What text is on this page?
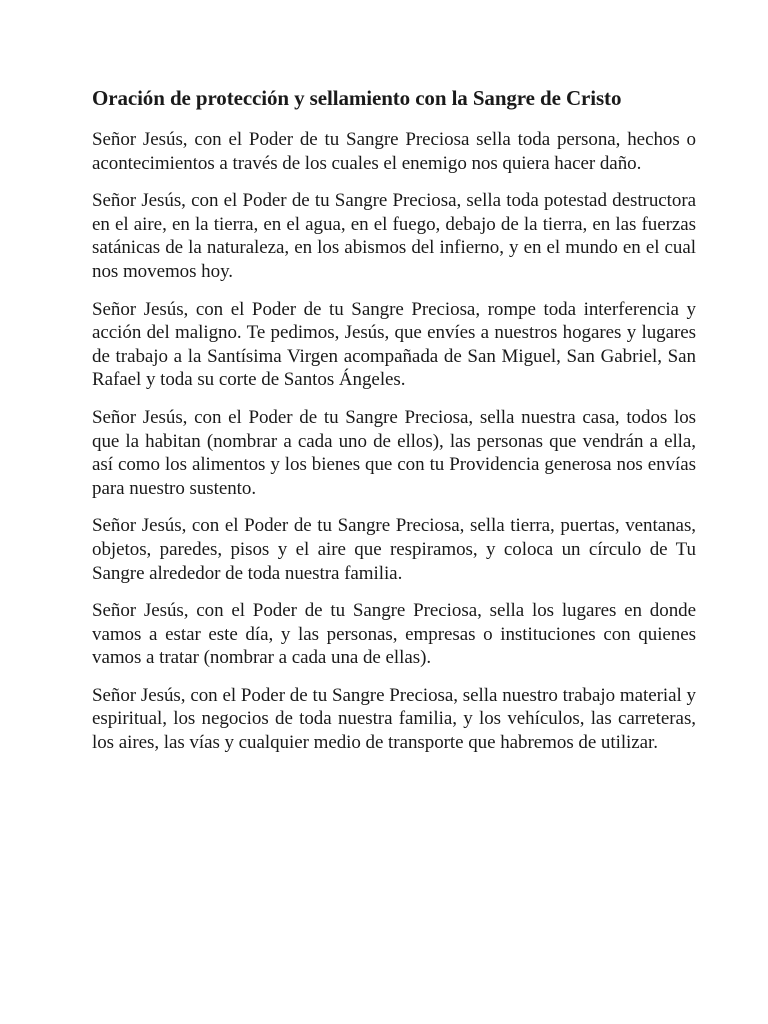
Oración de protección y sellamiento con la Sangre de Cristo

Señor Jesús, con el Poder de tu Sangre Preciosa sella toda persona, hechos o acontecimientos a través de los cuales el enemigo nos quiera hacer daño.

Señor Jesús, con el Poder de tu Sangre Preciosa, sella toda potestad destructora en el aire, en la tierra, en el agua, en el fuego, debajo de la tierra, en las fuerzas satánicas de la naturaleza, en los abismos del infierno, y en el mundo en el cual nos movemos hoy.

Señor Jesús, con el Poder de tu Sangre Preciosa, rompe toda interferencia y acción del maligno. Te pedimos, Jesús, que envíes a nuestros hogares y lugares de trabajo a la Santísima Virgen acompañada de San Miguel, San Gabriel, San Rafael y toda su corte de Santos Ángeles.

Señor Jesús, con el Poder de tu Sangre Preciosa, sella nuestra casa, todos los que la habitan (nombrar a cada uno de ellos), las personas que vendrán a ella, así como los alimentos y los bienes que con tu Providencia generosa nos envías para nuestro sustento.

Señor Jesús, con el Poder de tu Sangre Preciosa, sella tierra, puertas, ventanas, objetos, paredes, pisos y el aire que respiramos, y coloca un círculo de Tu Sangre alrededor de toda nuestra familia.

Señor Jesús, con el Poder de tu Sangre Preciosa, sella los lugares en donde vamos a estar este día, y las personas, empresas o instituciones con quienes vamos a tratar (nombrar a cada una de ellas).

Señor Jesús, con el Poder de tu Sangre Preciosa, sella nuestro trabajo material y espiritual, los negocios de toda nuestra familia, y los vehículos, las carreteras, los aires, las vías y cualquier medio de transporte que habremos de utilizar.
